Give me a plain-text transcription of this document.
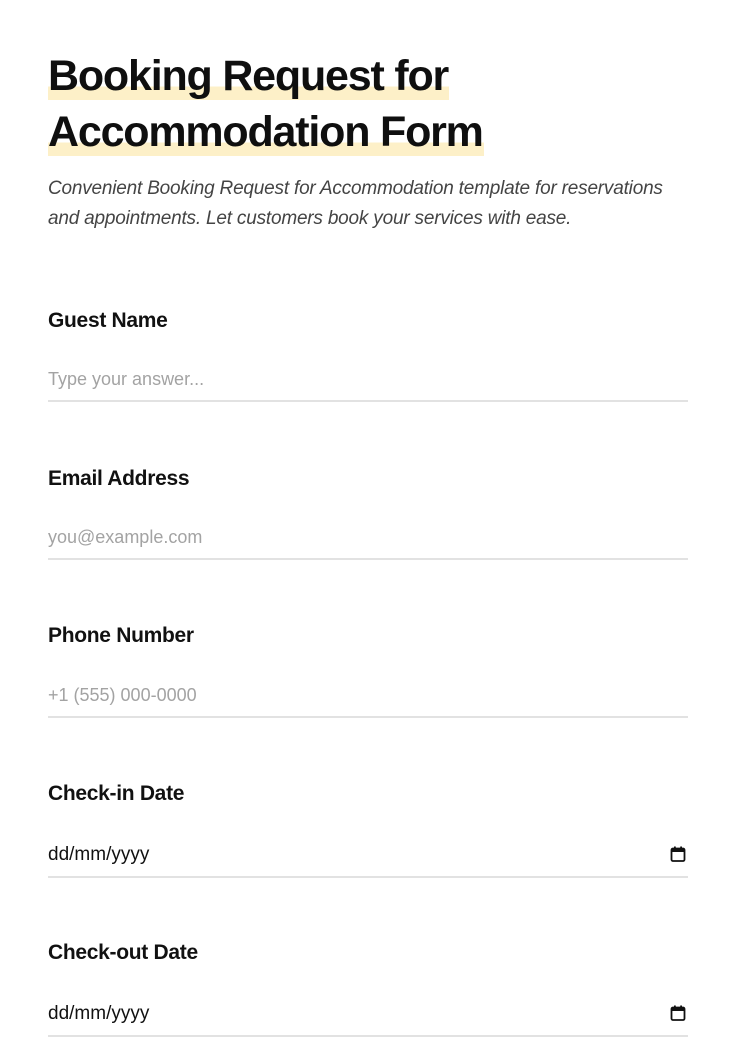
Booking Request for
Accommodation Form

Convenient Booking Request for Accommodation template for reservations and appointments. Let customers book your services with ease.

Guest Name
Type your answer...
Email Address
you@example.com
Phone Number
+1 (555) 000-0000
Check-in Date
dd/mm/yyyy
Check-out Date
dd/mm/yyyy
